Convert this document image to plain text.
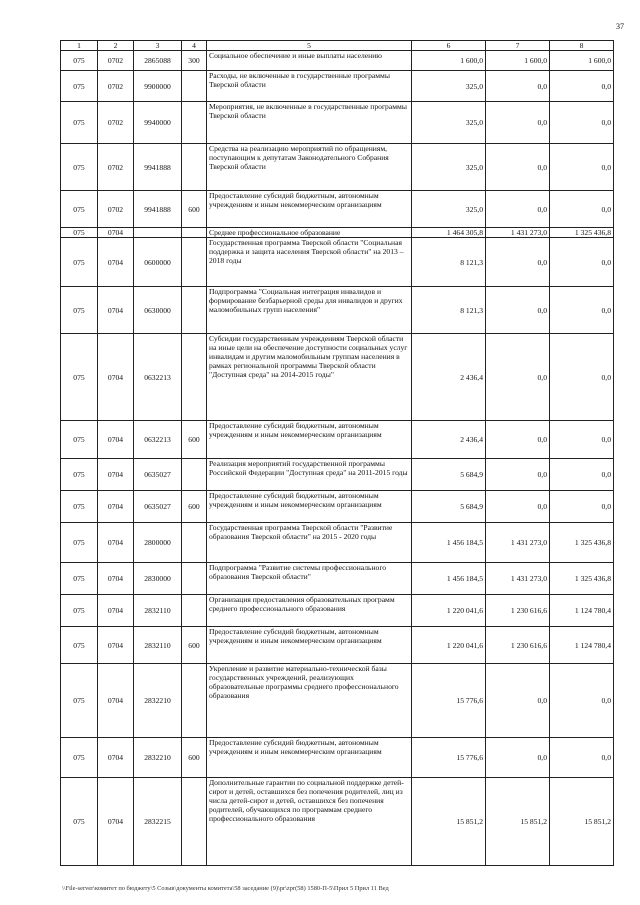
37
1	2	3	4	5	6	7	8
075	0702	2865088	300	Социальное обеспечение и иные выплаты населению	1 600,0	1 600,0	1 600,0
075	0702	9900000		Расходы, не включенные в государственные программы Тверской области	325,0	0,0	0,0
075	0702	9940000		Мероприятия, не включенные в государственные программы Тверской области	325,0	0,0	0,0
075	0702	9941888		Средства на реализацию мероприятий по обращениям, поступающим к депутатам Законодательного Собрания Тверской области	325,0	0,0	0,0
075	0702	9941888	600	Предоставление субсидий бюджетным, автономным учреждениям и иным некоммерческим организациям	325,0	0,0	0,0
075	0704			Среднее профессиональное образование	1 464 305,8	1 431 273,0	1 325 436,8
075	0704	0600000		Государственная программа Тверской области "Социальная поддержка и защита населения Тверской области" на 2013 – 2018 годы	8 121,3	0,0	0,0
075	0704	0630000		Подпрограмма "Социальная интеграция инвалидов и формирование безбарьерной среды для инвалидов и других маломобильных групп населения"	8 121,3	0,0	0,0
075	0704	0632213		Субсидии государственным учреждениям Тверской области на иные цели на обеспечение доступности социальных услуг инвалидам и другим маломобильным группам населения в рамках региональной программы Тверской области "Доступная среда" на 2014-2015 годы"	2 436,4	0,0	0,0
075	0704	0632213	600	Предоставление субсидий бюджетным, автономным учреждениям и иным некоммерческим организациям	2 436,4	0,0	0,0
075	0704	0635027		Реализация мероприятий государственной программы Российской Федерации "Доступная среда" на 2011-2015 годы	5 684,9	0,0	0,0
075	0704	0635027	600	Предоставление субсидий бюджетным, автономным учреждениям и иным некоммерческим организациям	5 684,9	0,0	0,0
075	0704	2800000		Государственная программа Тверской области "Развитие образования Тверской области" на 2015 - 2020 годы	1 456 184,5	1 431 273,0	1 325 436,8
075	0704	2830000		Подпрограмма "Развитие системы профессионального образования Тверской области"	1 456 184,5	1 431 273,0	1 325 436,8
075	0704	2832110		Организация предоставления образовательных программ среднего профессионального образования	1 220 041,6	1 230 616,6	1 124 780,4
075	0704	2832110	600	Предоставление субсидий бюджетным, автономным учреждениям и иным некоммерческим организациям	1 220 041,6	1 230 616,6	1 124 780,4
075	0704	2832210		Укрепление и развитие материально-технической базы государственных учреждений, реализующих образовательные программы среднего профессионального образования	15 776,6	0,0	0,0
075	0704	2832210	600	Предоставление субсидий бюджетным, автономным учреждениям и иным некоммерческим организациям	15 776,6	0,0	0,0
075	0704	2832215		Дополнительные гарантии по социальной поддержке детей-сирот и детей, оставшихся без попечения родителей, лиц из числа детей-сирот и детей, оставшихся без попечения родителей, обучающихся по программам среднего профессионального образования	15 851,2	15 851,2	15 851,2
\\File-server\комитет по бюджету\5 Созыв\документы комитета\58 заседание (9)\pr\zpr(58) 1580-П-5\Прил 5 Прил 11 Вед
